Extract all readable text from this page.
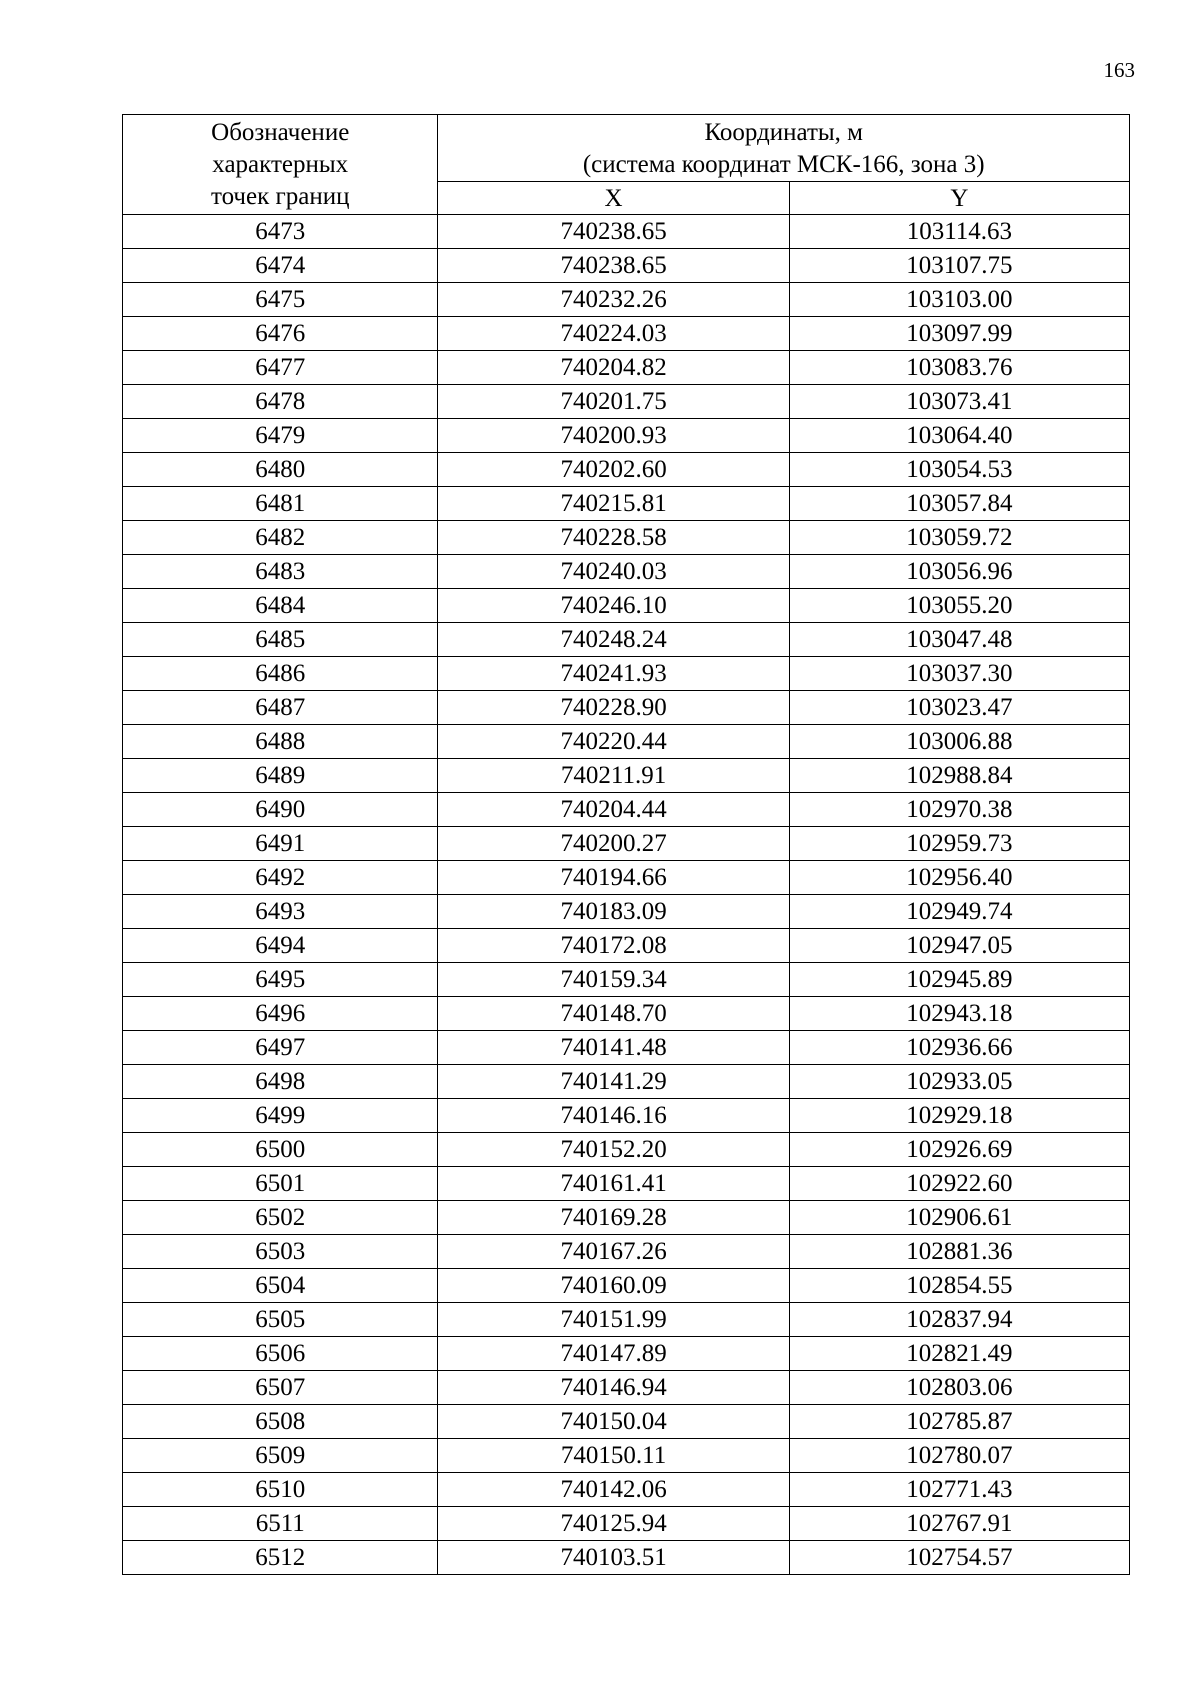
163
Обозначение
характерных
точек границ	Координаты, м
(система координат МСК-166, зона 3)	

	X	Y
6473	740238.65	103114.63
6474	740238.65	103107.75
6475	740232.26	103103.00
6476	740224.03	103097.99
6477	740204.82	103083.76
6478	740201.75	103073.41
6479	740200.93	103064.40
6480	740202.60	103054.53
6481	740215.81	103057.84
6482	740228.58	103059.72
6483	740240.03	103056.96
6484	740246.10	103055.20
6485	740248.24	103047.48
6486	740241.93	103037.30
6487	740228.90	103023.47
6488	740220.44	103006.88
6489	740211.91	102988.84
6490	740204.44	102970.38
6491	740200.27	102959.73
6492	740194.66	102956.40
6493	740183.09	102949.74
6494	740172.08	102947.05
6495	740159.34	102945.89
6496	740148.70	102943.18
6497	740141.48	102936.66
6498	740141.29	102933.05
6499	740146.16	102929.18
6500	740152.20	102926.69
6501	740161.41	102922.60
6502	740169.28	102906.61
6503	740167.26	102881.36
6504	740160.09	102854.55
6505	740151.99	102837.94
6506	740147.89	102821.49
6507	740146.94	102803.06
6508	740150.04	102785.87
6509	740150.11	102780.07
6510	740142.06	102771.43
6511	740125.94	102767.91
6512	740103.51	102754.57
